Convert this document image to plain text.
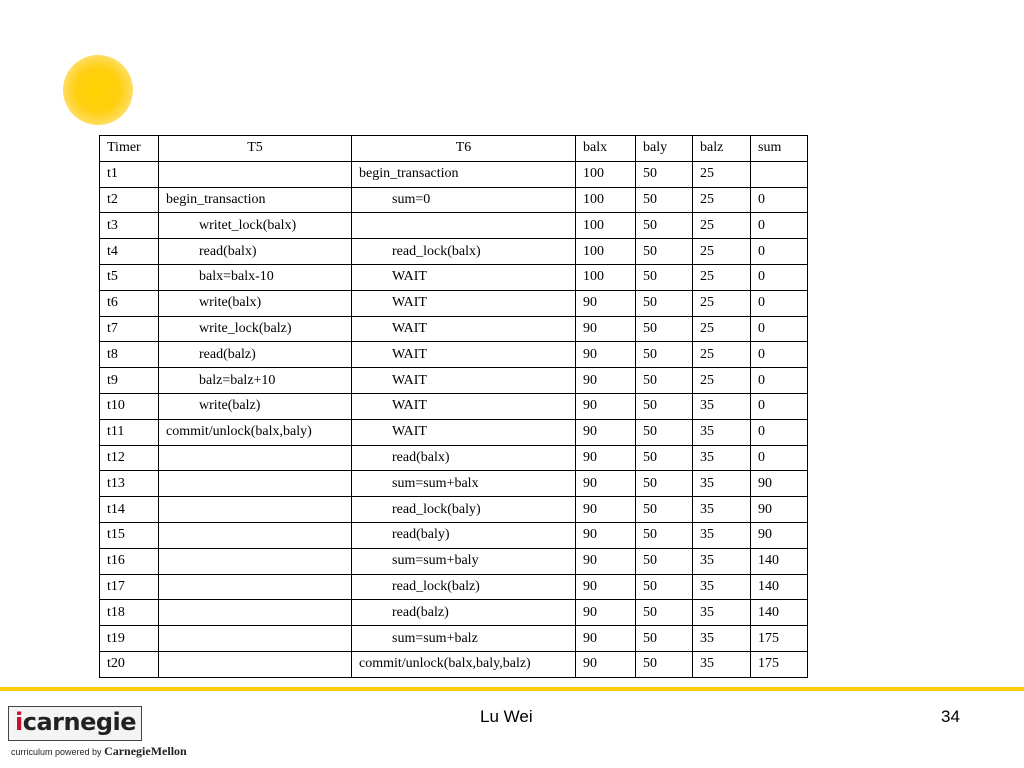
Timer	T5	T6	balx	baly	balz	sum
t1		begin_transaction	100	50	25	
t2	begin_transaction	sum=0	100	50	25	0
t3	writet_lock(balx)		100	50	25	0
t4	read(balx)	read_lock(balx)	100	50	25	0
t5	balx=balx-10	WAIT	100	50	25	0
t6	write(balx)	WAIT	90	50	25	0
t7	write_lock(balz)	WAIT	90	50	25	0
t8	read(balz)	WAIT	90	50	25	0
t9	balz=balz+10	WAIT	90	50	25	0
t10	write(balz)	WAIT	90	50	35	0
t11	commit/unlock(balx,baly)	WAIT	90	50	35	0
t12		read(balx)	90	50	35	0
t13		sum=sum+balx	90	50	35	90
t14		read_lock(baly)	90	50	35	90
t15		read(baly)	90	50	35	90
t16		sum=sum+baly	90	50	35	140
t17		read_lock(balz)	90	50	35	140
t18		read(balz)	90	50	35	140
t19		sum=sum+balz	90	50	35	175
t20		commit/unlock(balx,baly,balz)	90	50	35	175
icarnegie
curriculum powered by CarnegieMellon
Lu Wei	34
